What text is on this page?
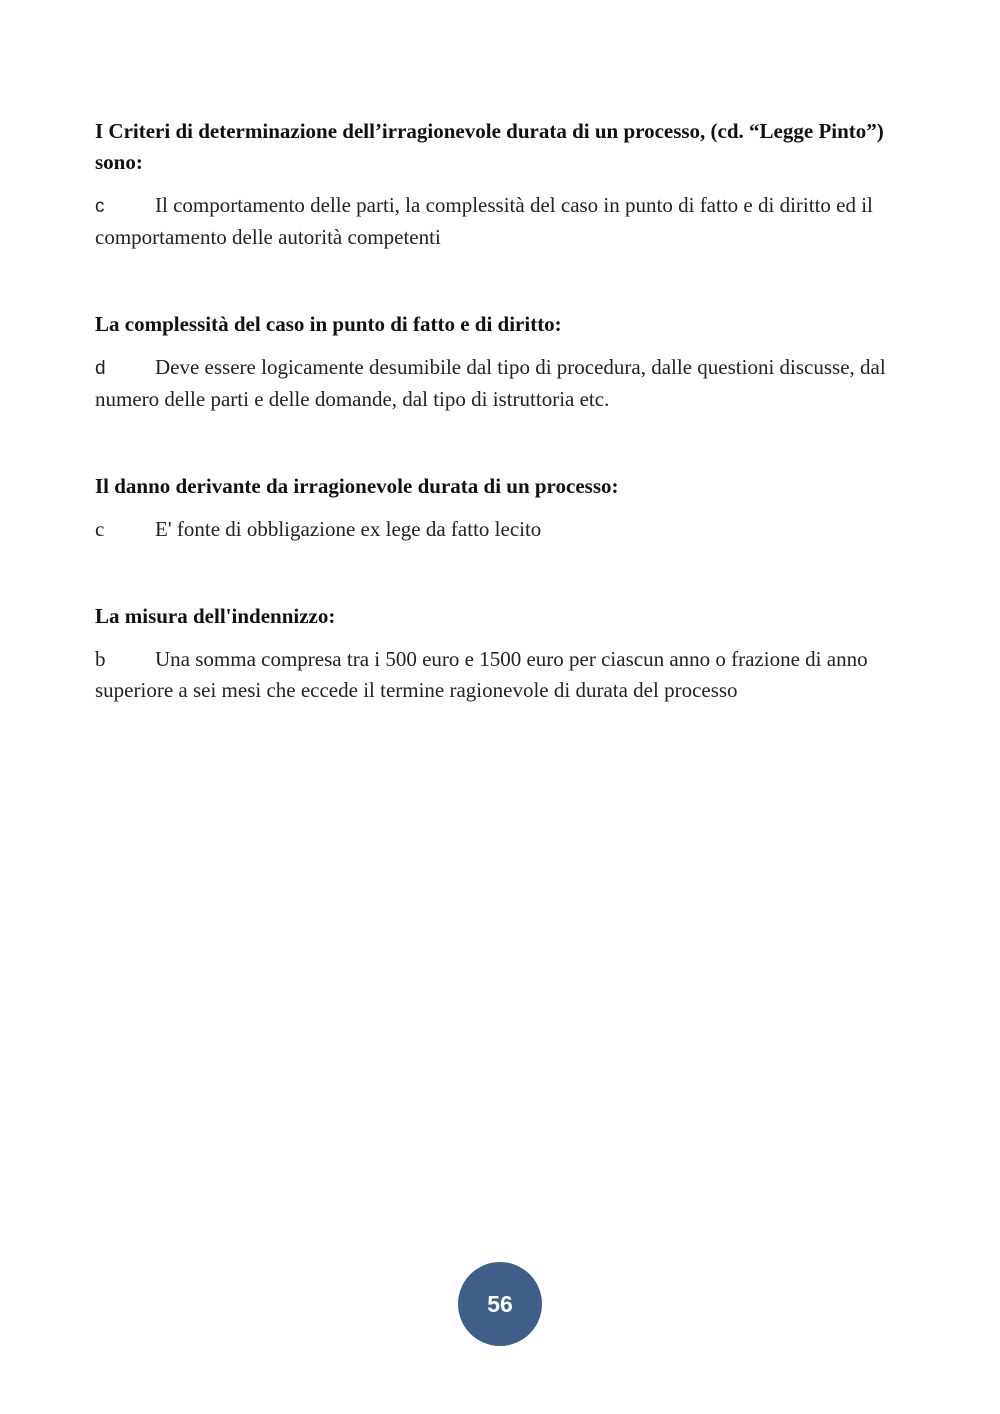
I Criteri di determinazione dell’irragionevole durata di un processo, (cd. “Legge Pinto”) sono:

c Il comportamento delle parti, la complessità del caso in punto di fatto e di diritto ed il comportamento delle autorità competenti

La complessità del caso in punto di fatto e di diritto:

d Deve essere logicamente desumibile dal tipo di procedura, dalle questioni discusse, dal numero delle parti e delle domande, dal tipo di istruttoria etc.

Il danno derivante da irragionevole durata di un processo:

c E' fonte di obbligazione ex lege da fatto lecito

La misura dell'indennizzo:

b Una somma compresa tra i 500 euro e 1500 euro per ciascun anno o frazione di anno superiore a sei mesi che eccede il termine ragionevole di durata del processo

56
